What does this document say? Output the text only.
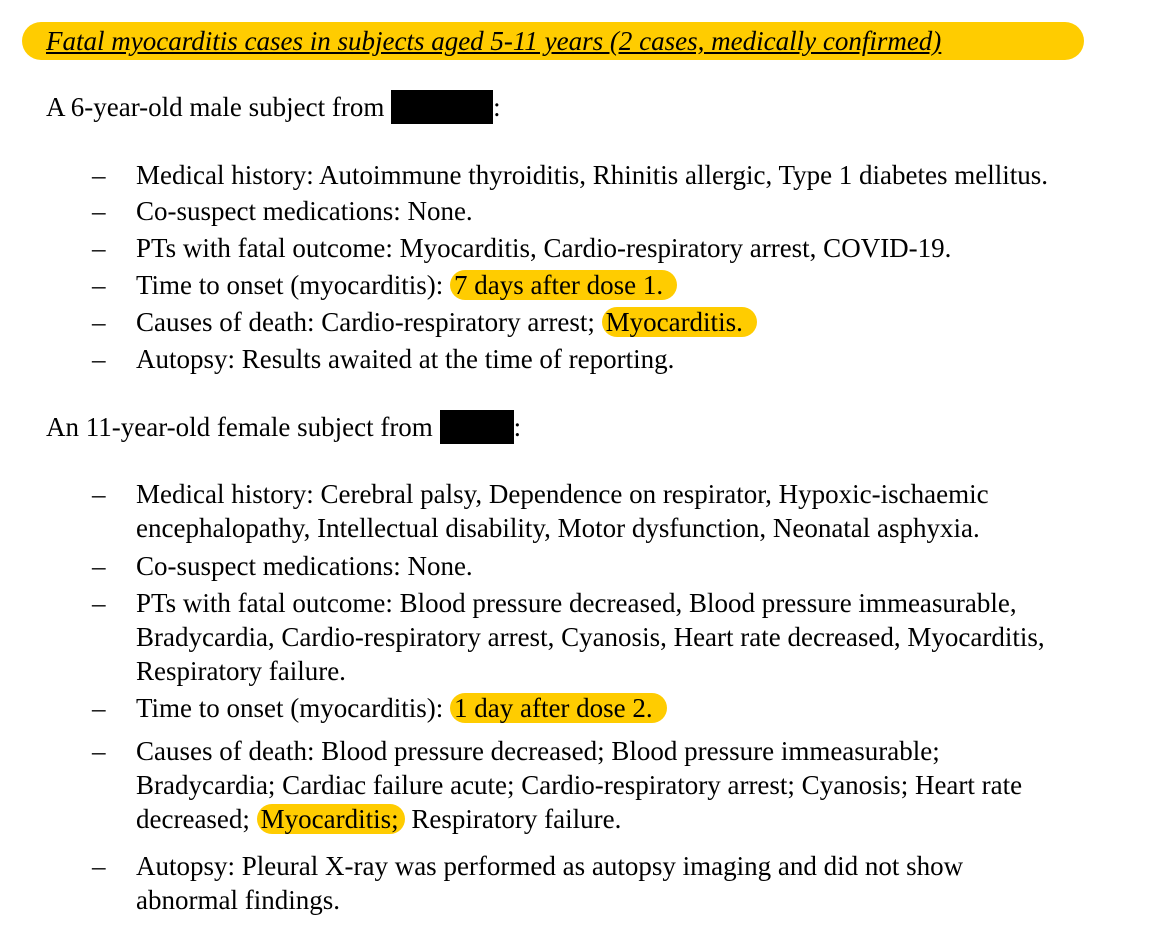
Fatal myocarditis cases in subjects aged 5-11 years (2 cases, medically confirmed)
A 6-year-old male subject from	:
– Medical history: Autoimmune thyroiditis, Rhinitis allergic, Type 1 diabetes mellitus.
– Co-suspect medications: None.
– PTs with fatal outcome: Myocarditis, Cardio-respiratory arrest, COVID-19.
– Time to onset (myocarditis): 7 days after dose 1.
– Causes of death: Cardio-respiratory arrest; Myocarditis.
– Autopsy: Results awaited at the time of reporting.
An 11-year-old female subject from	:
– Medical history: Cerebral palsy, Dependence on respirator, Hypoxic-ischaemic
encephalopathy, Intellectual disability, Motor dysfunction, Neonatal asphyxia.
– Co-suspect medications: None.
– PTs with fatal outcome: Blood pressure decreased, Blood pressure immeasurable,
Bradycardia, Cardio-respiratory arrest, Cyanosis, Heart rate decreased, Myocarditis,
Respiratory failure.
– Time to onset (myocarditis): 1 day after dose 2.
– Causes of death: Blood pressure decreased; Blood pressure immeasurable;
Bradycardia; Cardiac failure acute; Cardio-respiratory arrest; Cyanosis; Heart rate
decreased; Myocarditis; Respiratory failure.
– Autopsy: Pleural X-ray was performed as autopsy imaging and did not show
abnormal findings.
